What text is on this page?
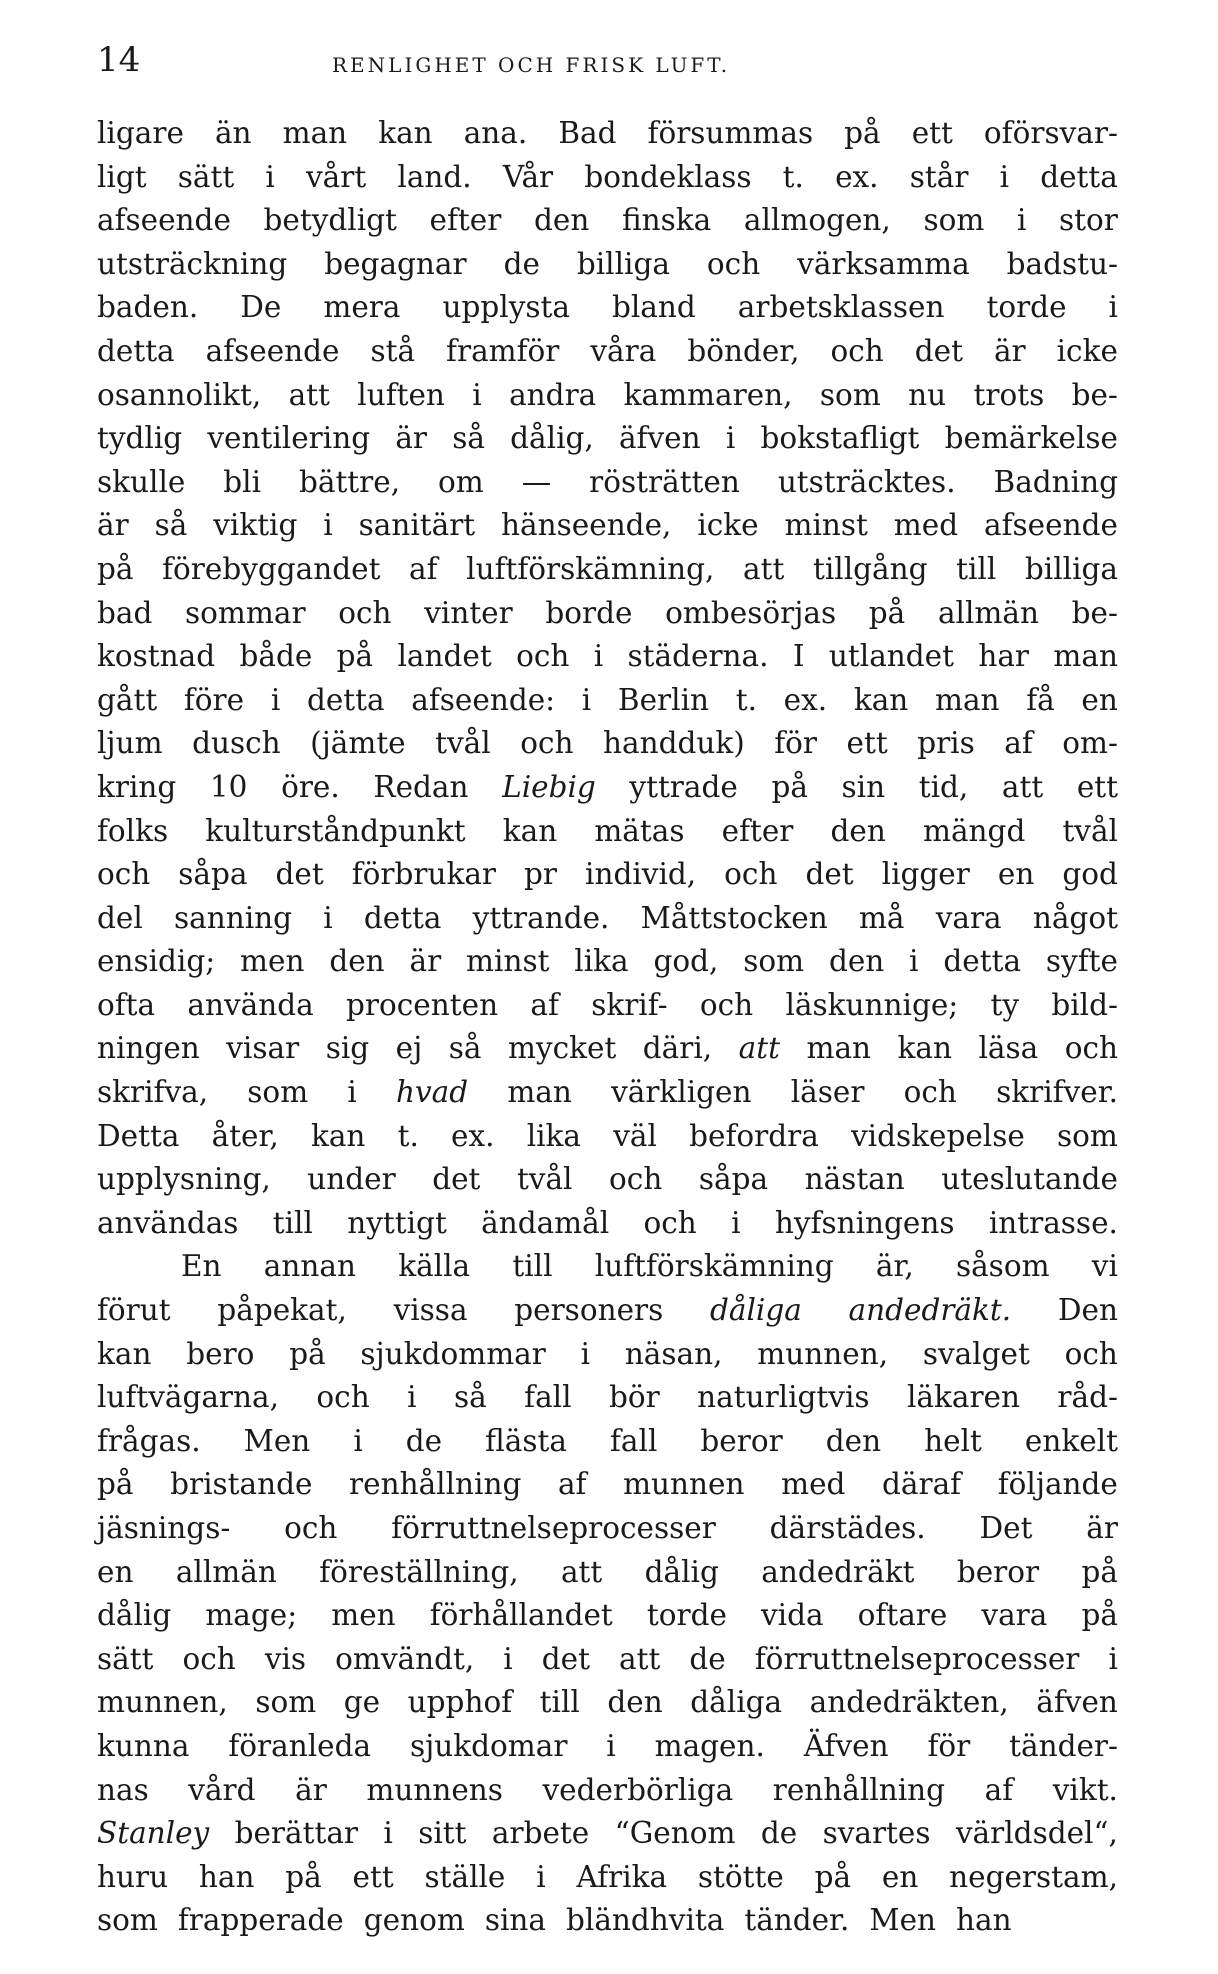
14	RENLIGHET OCH FRISK LUFT.
ligare än man kan ana. Bad försummas på ett oförsvar-
ligt sätt i vårt land. Vår bondeklass t. ex. står i detta
afseende betydligt efter den finska allmogen, som i stor
utsträckning begagnar de billiga och värksamma badstu-
baden. De mera upplysta bland arbetsklassen torde i
detta afseende stå framför våra bönder, och det är icke
osannolikt, att luften i andra kammaren, som nu trots be-
tydlig ventilering är så dålig, äfven i bokstafligt bemärkelse
skulle bli bättre, om — rösträtten utsträcktes. Badning
är så viktig i sanitärt hänseende, icke minst med afseende
på förebyggandet af luftförskämning, att tillgång till billiga
bad sommar och vinter borde ombesörjas på allmän be-
kostnad både på landet och i städerna. I utlandet har man
gått före i detta afseende: i Berlin t. ex. kan man få en
ljum dusch (jämte tvål och handduk) för ett pris af om-
kring 10 öre. Redan Liebig yttrade på sin tid, att ett
folks kulturståndpunkt kan mätas efter den mängd tvål
och såpa det förbrukar pr individ, och det ligger en god
del sanning i detta yttrande. Måttstocken må vara något
ensidig; men den är minst lika god, som den i detta syfte
ofta använda procenten af skrif- och läskunnige; ty bild-
ningen visar sig ej så mycket däri, att man kan läsa och
skrifva, som i hvad man värkligen läser och skrifver.
Detta åter, kan t. ex. lika väl befordra vidskepelse som
upplysning, under det tvål och såpa nästan uteslutande
användas till nyttigt ändamål och i hyfsningens intrasse.
En annan källa till luftförskämning är, såsom vi
förut påpekat, vissa personers dåliga andedräkt. Den
kan bero på sjukdommar i näsan, munnen, svalget och
luftvägarna, och i så fall bör naturligtvis läkaren råd-
frågas. Men i de flästa fall beror den helt enkelt
på bristande renhållning af munnen med däraf följande
jäsnings- och förruttnelseprocesser därstädes. Det är
en allmän föreställning, att dålig andedräkt beror på
dålig mage; men förhållandet torde vida oftare vara på
sätt och vis omvändt, i det att de förruttnelseprocesser i
munnen, som ge upphof till den dåliga andedräkten, äfven
kunna föranleda sjukdomar i magen. Äfven för tänder-
nas vård är munnens vederbörliga renhållning af vikt.
Stanley berättar i sitt arbete “Genom de svartes världsdel“,
huru han på ett ställe i Afrika stötte på en negerstam,
som frapperade genom sina bländhvita tänder. Men han
